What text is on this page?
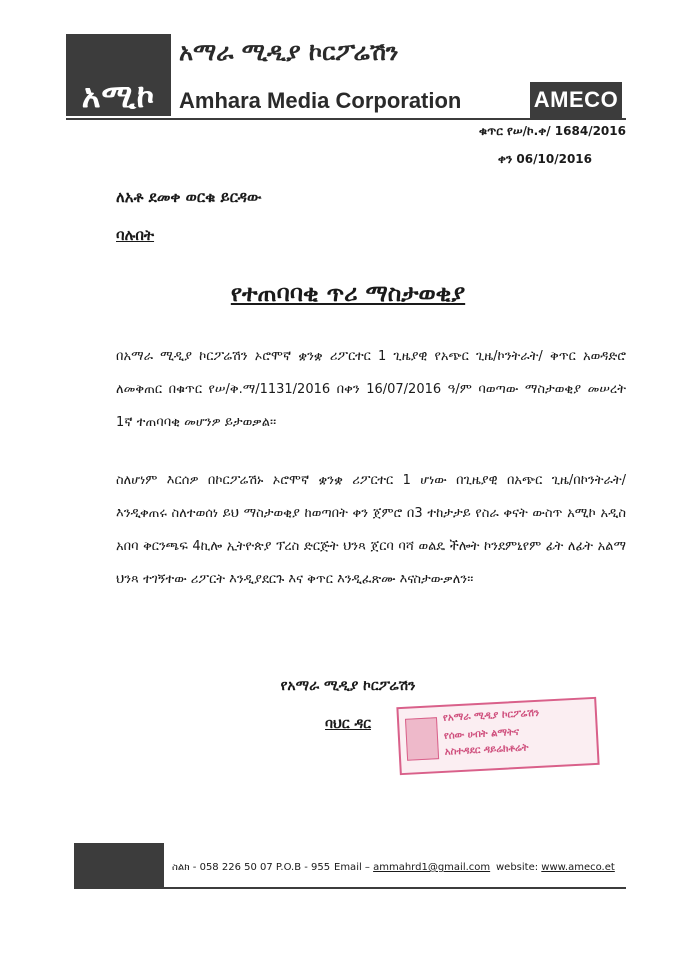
አሚኮ
አማራ ሚዲያ ኮርፖሬሽን
Amhara Media Corporation	AMECO
ቁጥር የሠ/ኮ.ቀ/ 1684/2016
ቀን 06/10/2016
ለአቶ ደመቀ ወርቁ ይርዳው
ባሉበት
የተጠባባቂ ጥሪ ማስታወቂያ
በአማራ ሚዲያ ኮርፖሬሽን ኦሮሞኛ ቋንቋ ሪፖርተር 1 ጊዜያዊ የአጭር ጊዜ/ኮንትራት/ ቅጥር አወዳድሮ ለመቅጠር በቁጥር የሠ/ቅ.ማ/1131/2016 በቀን 16/07/2016 ዓ/ም ባወጣው ማስታወቂያ መሠረት 1ኛ ተጠባባቂ መሆንዎ ይታወቃል፡፡
ስለሆነም እርሰዎ በኮርፖሬሽኑ ኦሮሞኛ ቋንቋ ሪፖርተር 1 ሆነው በጊዜያዊ በአጭር ጊዜ/በኮንትራት/ እንዲቀጠሩ ስለተወሰነ ይህ ማስታወቂያ ከወጣበት ቀን ጀምሮ በ3 ተከታታይ የስራ ቀናት ውስጥ አሚኮ አዲስ አበባ ቅርንጫፍ 4ኪሎ ኢትዮጵያ ፕረስ ድርጅት ህንጻ ጀርባ ባሻ ወልዴ ችሎት ኮንደምኒየም ፊት ለፊት አልማ ህንጻ ተገኝተው ሪፖርት እንዲያደርጉ እና ቅጥር እንዲፈጽሙ እናስታውቃለን፡፡
የአማራ ሚዲያ ኮርፖሬሽን
ባህር ዳር
የአማራ ሚዲያ ኮርፖሬሽን
የሰው ሀብት ልማትና
አስተዳደር ዳይሬክቶሬት
ስልክ - 058 226 50 07 P.O.B - 955 Email – ammahrd1@gmail.com website: www.ameco.et
